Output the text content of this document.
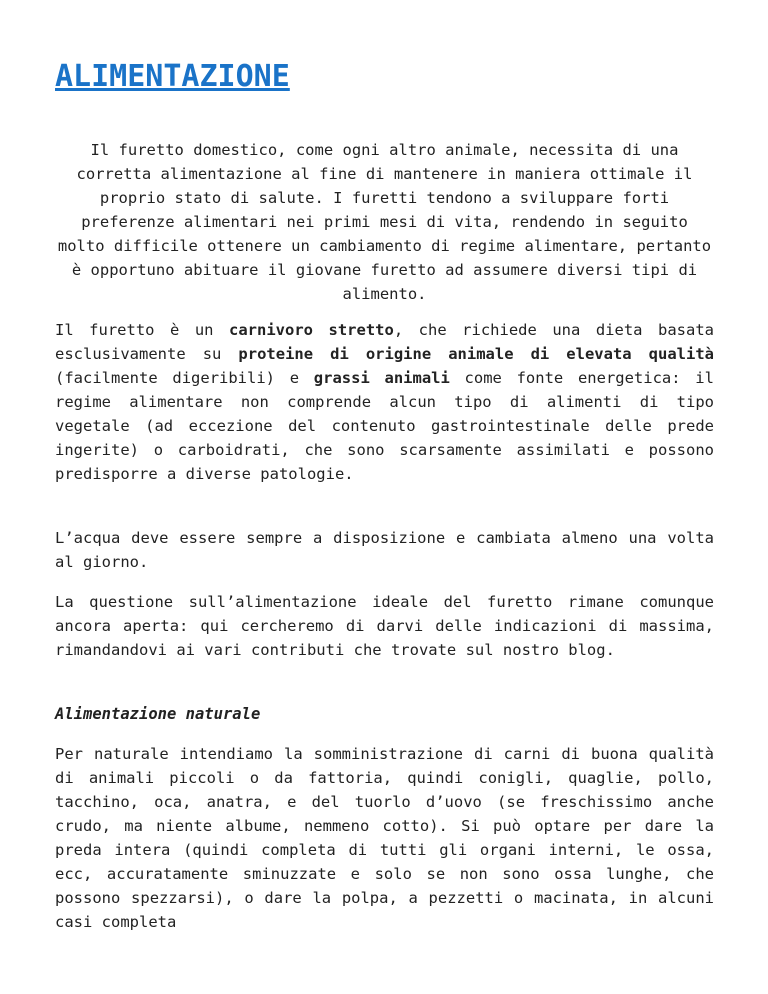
ALIMENTAZIONE

Il furetto domestico, come ogni altro animale, necessita di una corretta alimentazione al fine di mantenere in maniera ottimale il proprio stato di salute. I furetti tendono a sviluppare forti preferenze alimentari nei primi mesi di vita, rendendo in seguito molto difficile ottenere un cambiamento di regime alimentare, pertanto è opportuno abituare il giovane furetto ad assumere diversi tipi di alimento.

Il furetto è un carnivoro stretto, che richiede una dieta basata esclusivamente su proteine di origine animale di elevata qualità (facilmente digeribili) e grassi animali come fonte energetica: il regime alimentare non comprende alcun tipo di alimenti di tipo vegetale (ad eccezione del contenuto gastrointestinale delle prede ingerite) o carboidrati, che sono scarsamente assimilati e possono predisporre a diverse patologie.

L’acqua deve essere sempre a disposizione e cambiata almeno una volta al giorno.

La questione sull’alimentazione ideale del furetto rimane comunque ancora aperta: qui cercheremo di darvi delle indicazioni di massima, rimandandovi ai vari contributi che trovate sul nostro blog.

Alimentazione naturale

Per naturale intendiamo la somministrazione di carni di buona qualità di animali piccoli o da fattoria, quindi conigli, quaglie, pollo, tacchino, oca, anatra, e del tuorlo d’uovo (se freschissimo anche crudo, ma niente albume, nemmeno cotto). Si può optare per dare la preda intera (quindi completa di tutti gli organi interni, le ossa, ecc, accuratamente sminuzzate e solo se non sono ossa lunghe, che possono spezzarsi), o dare la polpa, a pezzetti o macinata, in alcuni casi completa
